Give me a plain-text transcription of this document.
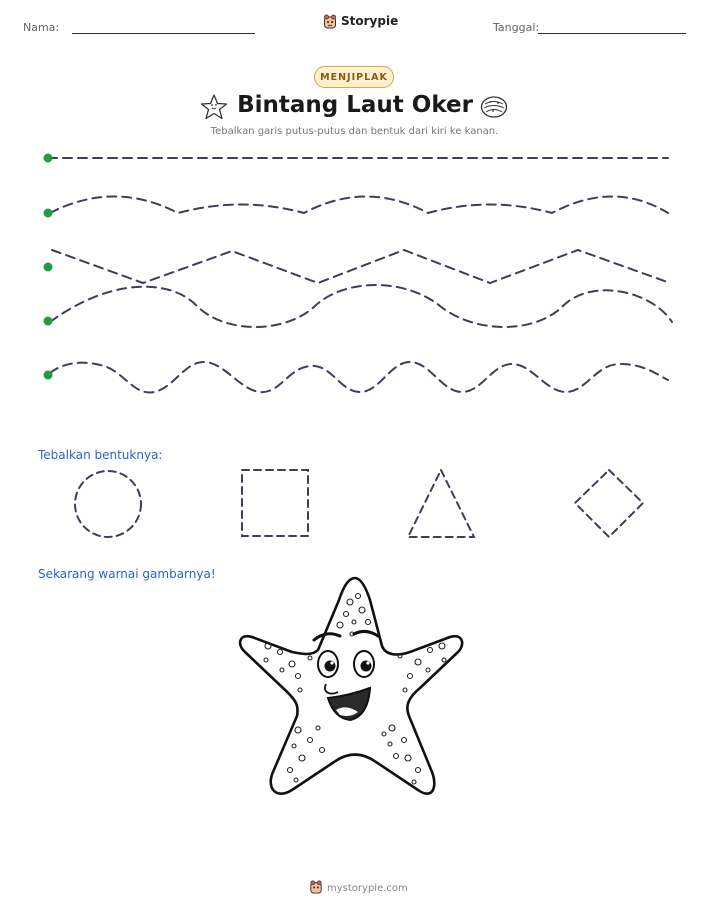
Nama:	Storypie	Tanggal:
MENJIPLAK
Bintang Laut Oker
Tebalkan garis putus-putus dan bentuk dari kiri ke kanan.
Tebalkan bentuknya:
Sekarang warnai gambarnya!
mystorypie.com
